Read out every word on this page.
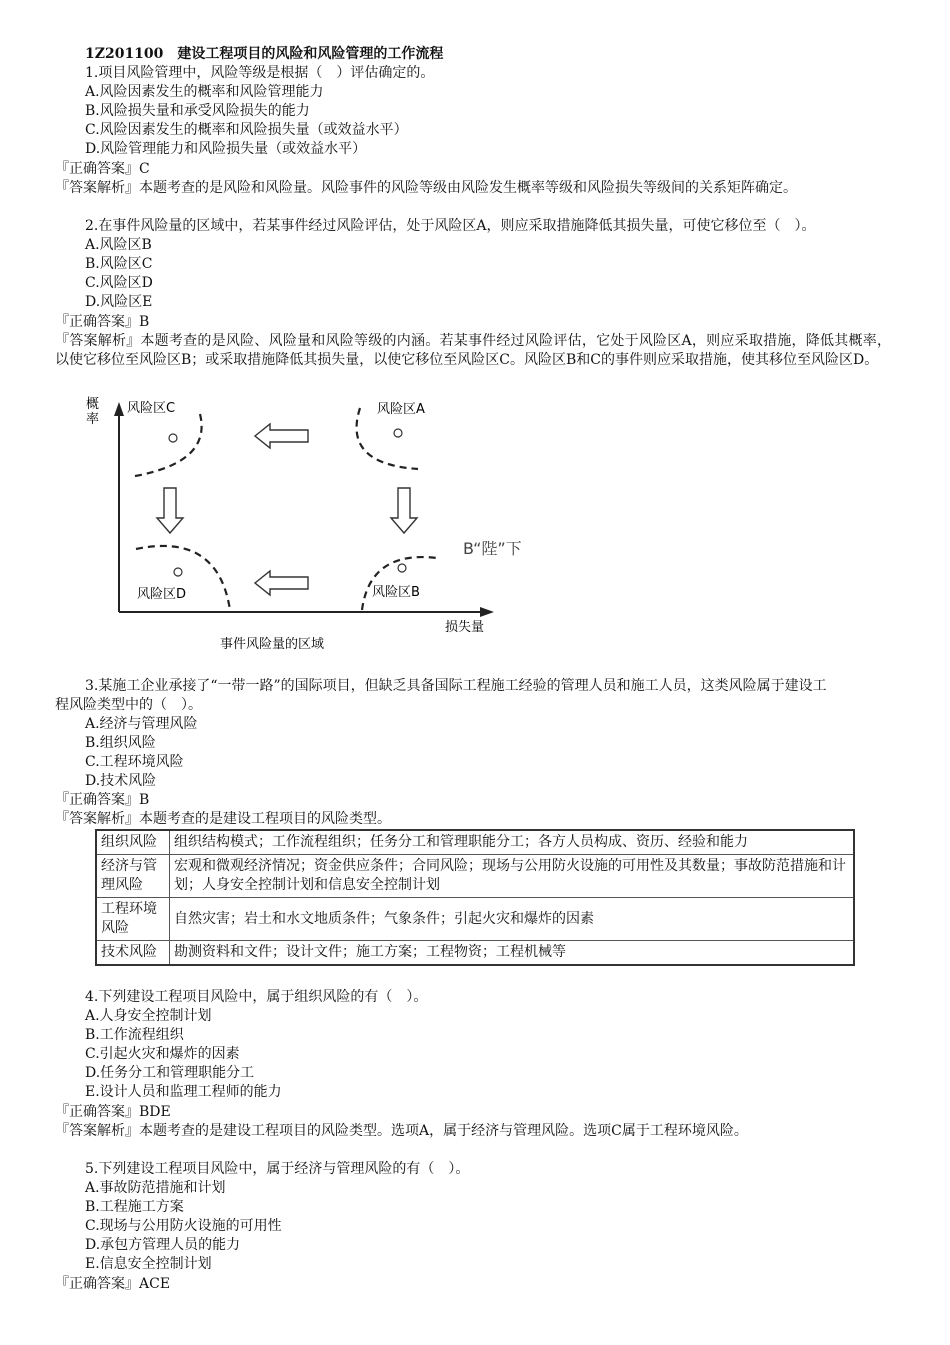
1Z201100　建设工程项目的风险和风险管理的工作流程
1.项目风险管理中，风险等级是根据（　）评估确定的。
A.风险因素发生的概率和风险管理能力
B.风险损失量和承受风险损失的能力
C.风险因素发生的概率和风险损失量（或效益水平）
D.风险管理能力和风险损失量（或效益水平）
『正确答案』C
『答案解析』本题考查的是风险和风险量。风险事件的风险等级由风险发生概率等级和风险损失等级间的关系矩阵确定。
2.在事件风险量的区域中，若某事件经过风险评估，处于风险区A，则应采取措施降低其损失量，可使它移位至（　）。
A.风险区B
B.风险区C
C.风险区D
D.风险区E
『正确答案』B
『答案解析』本题考查的是风险、风险量和风险等级的内涵。若某事件经过风险评估，它处于风险区A，则应采取措施，降低其概率，以使它移位至风险区B；或采取措施降低其损失量，以使它移位至风险区C。风险区B和C的事件则应采取措施，使其移位至风险区D。
概
率
损失量
事件风险量的区域
风险区C	风险区A
风险区D	风险区B
B“陛”下
3.某施工企业承接了“一带一路”的国际项目，但缺乏具备国际工程施工经验的管理人员和施工人员，这类风险属于建设工
程风险类型中的（　）。
A.经济与管理风险
B.组织风险
C.工程环境风险
D.技术风险
『正确答案』B
『答案解析』本题考查的是建设工程项目的风险类型。
组织风险	组织结构模式；工作流程组织；任务分工和管理职能分工；各方人员构成、资历、经验和能力
经济与管理风险	宏观和微观经济情况；资金供应条件；合同风险；现场与公用防火设施的可用性及其数量；事故防范措施和计划；人身安全控制计划和信息安全控制计划
工程环境风险	自然灾害；岩土和水文地质条件；气象条件；引起火灾和爆炸的因素
技术风险	勘测资料和文件；设计文件；施工方案；工程物资；工程机械等
4.下列建设工程项目风险中，属于组织风险的有（　）。
A.人身安全控制计划
B.工作流程组织
C.引起火灾和爆炸的因素
D.任务分工和管理职能分工
E.设计人员和监理工程师的能力
『正确答案』BDE
『答案解析』本题考查的是建设工程项目的风险类型。选项A，属于经济与管理风险。选项C属于工程环境风险。
5.下列建设工程项目风险中，属于经济与管理风险的有（　）。
A.事故防范措施和计划
B.工程施工方案
C.现场与公用防火设施的可用性
D.承包方管理人员的能力
E.信息安全控制计划
『正确答案』ACE
